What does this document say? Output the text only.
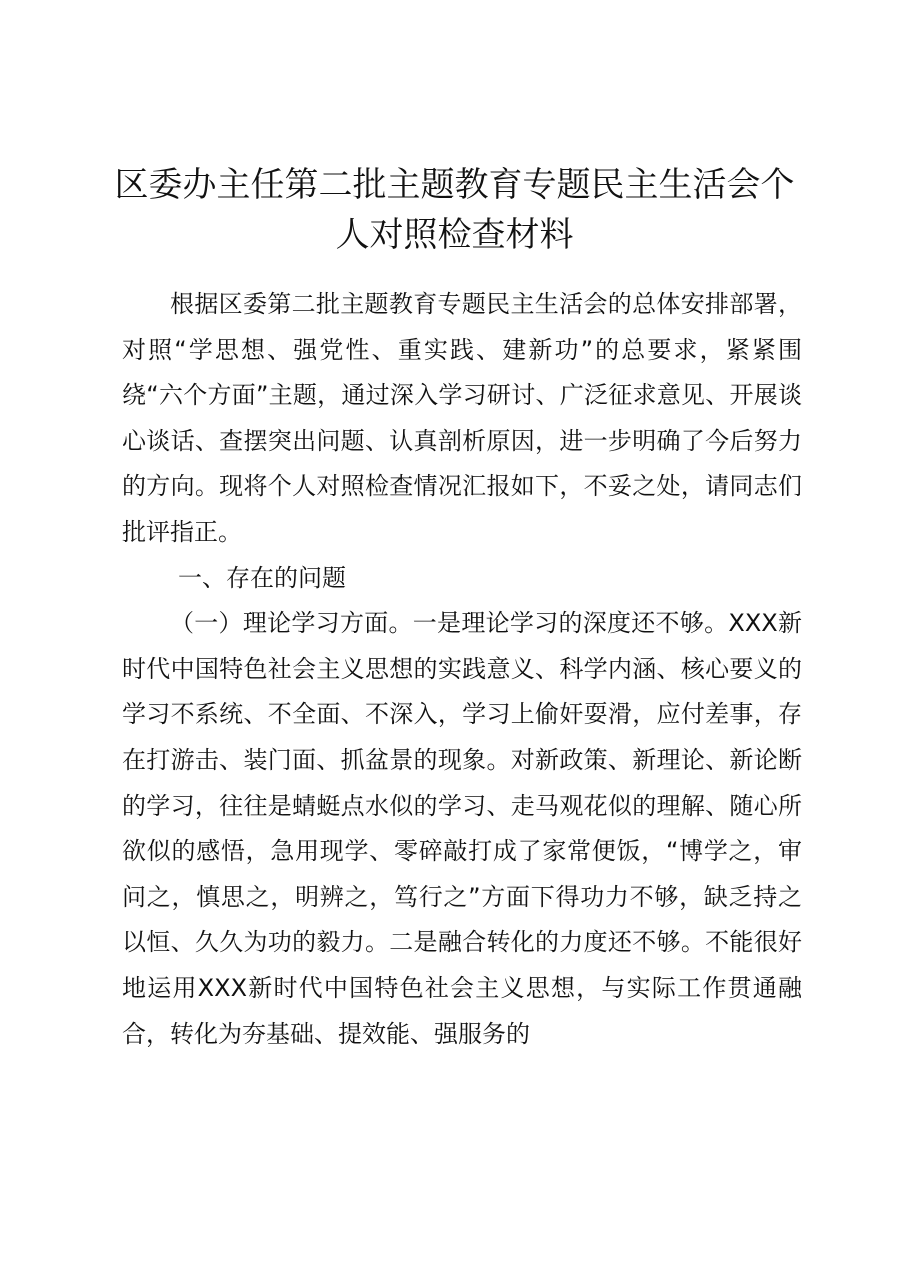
区委办主任第二批主题教育专题民主生活会个
人对照检查材料

根据区委第二批主题教育专题民主生活会的总体安排部署，对照“学思想、强党性、重实践、建新功”的总要求，紧紧围绕“六个方面”主题，通过深入学习研讨、广泛征求意见、开展谈心谈话、查摆突出问题、认真剖析原因，进一步明确了今后努力的方向。现将个人对照检查情况汇报如下，不妥之处，请同志们批评指正。

一、存在的问题

（一）理论学习方面。一是理论学习的深度还不够。XXX新时代中国特色社会主义思想的实践意义、科学内涵、核心要义的学习不系统、不全面、不深入，学习上偷奸耍滑，应付差事，存在打游击、装门面、抓盆景的现象。对新政策、新理论、新论断的学习，往往是蜻蜓点水似的学习、走马观花似的理解、随心所欲似的感悟，急用现学、零碎敲打成了家常便饭，“博学之，审问之，慎思之，明辨之，笃行之”方面下得功力不够，缺乏持之以恒、久久为功的毅力。二是融合转化的力度还不够。不能很好地运用XXX新时代中国特色社会主义思想，与实际工作贯通融合，转化为夯基础、提效能、强服务的
